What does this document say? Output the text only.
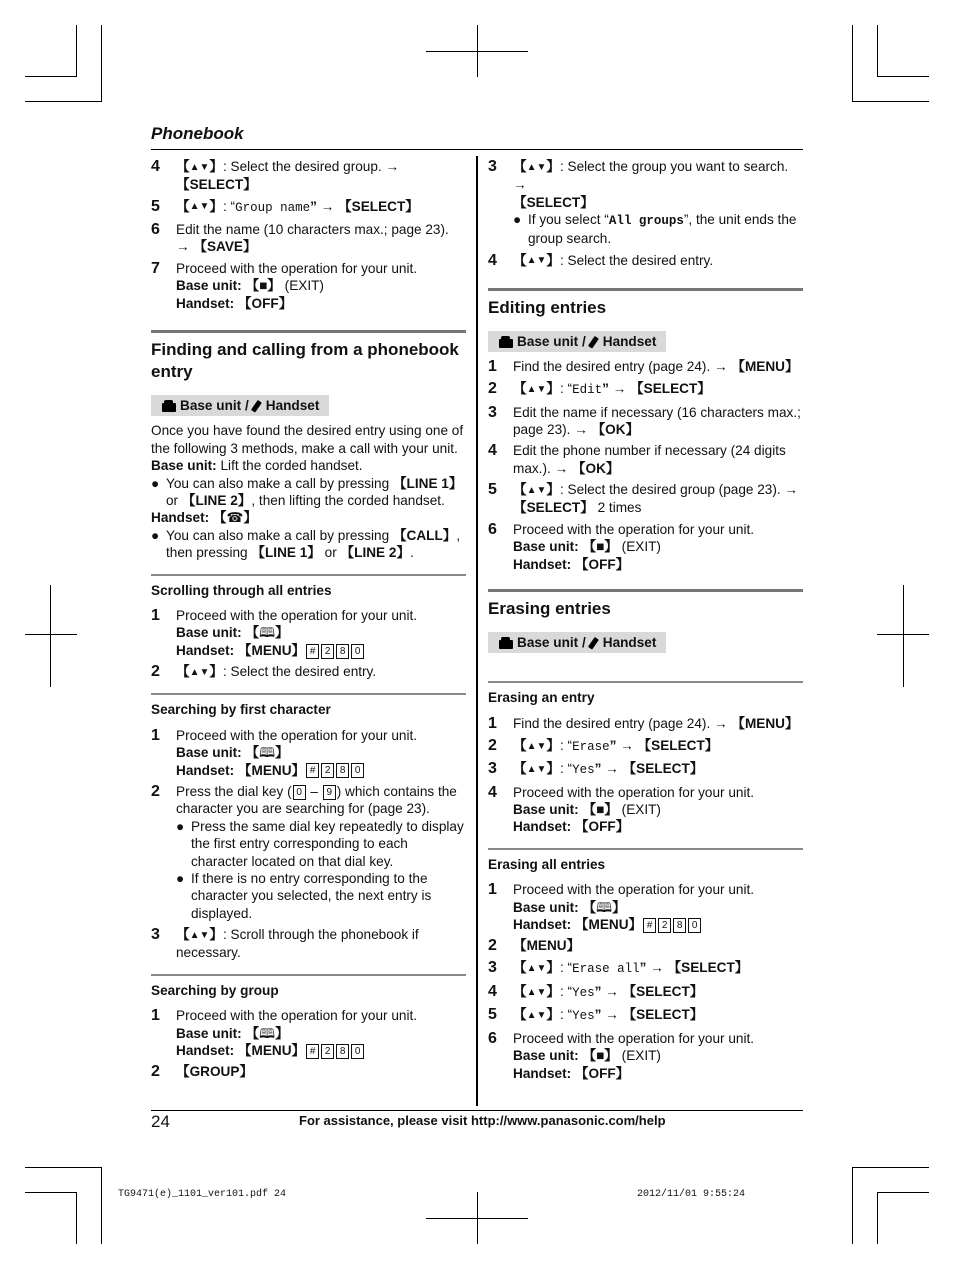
Phonebook
4	【▲▼】: Select the desired group. → 【SELECT】
5	【▲▼】: “Group name” → 【SELECT】
6	Edit the name (10 characters max.; page 23).
→ 【SAVE】
7	Proceed with the operation for your unit.
Base unit: 【■】 (EXIT)
Handset: 【OFF】
Finding and calling from a phonebook entry
Base unit / Handset

Once you have found the desired entry using one of the following 3 methods, make a call with your unit.

Base unit: Lift the corded handset.

● You can also make a call by pressing 【LINE 1】
or 【LINE 2】, then lifting the corded handset.

Handset: 【☎】

● You can also make a call by pressing 【CALL】, then pressing 【LINE 1】 or 【LINE 2】.
Scrolling through all entries
1	Proceed with the operation for your unit.
Base unit: 【🕮】
Handset: 【MENU】 # 2 8 0
2	【▲▼】: Select the desired entry.
Searching by first character
1	Proceed with the operation for your unit.
Base unit: 【🕮】
Handset: 【MENU】 # 2 8 0
2	Press the dial key ( 0 – 9 ) which contains the character you are searching for (page 23).
● Press the same dial key repeatedly to display the first entry corresponding to each character located on that dial key.
● If there is no entry corresponding to the character you selected, the next entry is displayed.
3	【▲▼】: Scroll through the phonebook if necessary.
Searching by group
1	Proceed with the operation for your unit.
Base unit: 【🕮】
Handset: 【MENU】 # 2 8 0
2	【GROUP】
3	【▲▼】: Select the group you want to search. →
【SELECT】
● If you select “All groups”, the unit ends the group search.
4	【▲▼】: Select the desired entry.
Editing entries
Base unit / Handset
1	Find the desired entry (page 24). → 【MENU】
2	【▲▼】: “Edit” → 【SELECT】
3	Edit the name if necessary (16 characters max.; page 23). → 【OK】
4	Edit the phone number if necessary (24 digits max.). → 【OK】
5	【▲▼】: Select the desired group (page 23). →
【SELECT】 2 times
6	Proceed with the operation for your unit.
Base unit: 【■】 (EXIT)
Handset: 【OFF】
Erasing entries
Base unit / Handset
Erasing an entry
1	Find the desired entry (page 24). → 【MENU】
2	【▲▼】: “Erase” → 【SELECT】
3	【▲▼】: “Yes” → 【SELECT】
4	Proceed with the operation for your unit.
Base unit: 【■】 (EXIT)
Handset: 【OFF】
Erasing all entries
1	Proceed with the operation for your unit.
Base unit: 【🕮】
Handset: 【MENU】 # 2 8 0
2	【MENU】
3	【▲▼】: “Erase all” → 【SELECT】
4	【▲▼】: “Yes” → 【SELECT】
5	【▲▼】: “Yes” → 【SELECT】
6	Proceed with the operation for your unit.
Base unit: 【■】 (EXIT)
Handset: 【OFF】
24	For assistance, please visit http://www.panasonic.com/help
TG9471(e)_1101_ver101.pdf 24	2012/11/01 9:55:24
